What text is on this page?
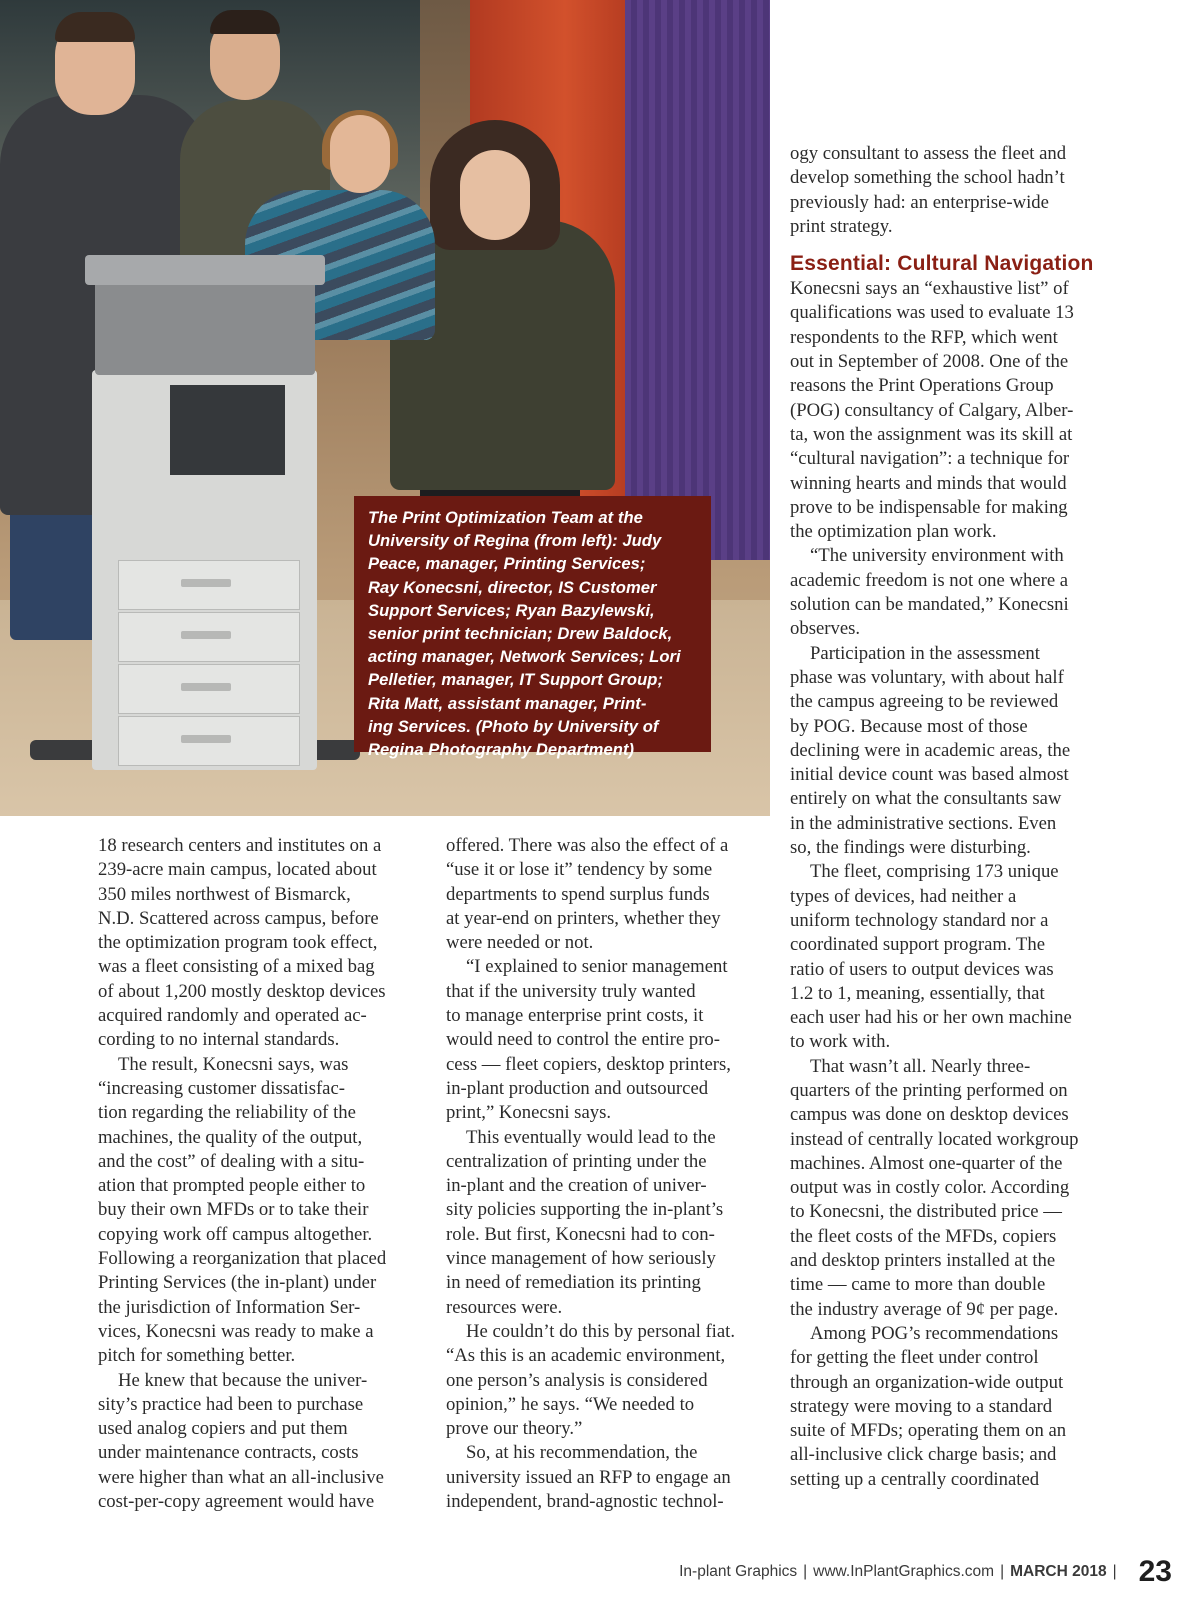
The Print Optimization Team at the

University of Regina (from left): Judy

Peace, manager, Printing Services;

Ray Konecsni, director, IS Customer

Support Services; Ryan Bazylewski,

senior print technician; Drew Baldock,

acting manager, Network Services; Lori

Pelletier, manager, IT Support Group;

Rita Matt, assistant manager, Print-

ing Services. (Photo by University of

Regina Photography Department)

18 research centers and institutes on a

239-acre main campus, located about

350 miles northwest of Bismarck,

N.D. Scattered across campus, before

the optimization program took effect,

was a fleet consisting of a mixed bag

of about 1,200 mostly desktop devices

acquired randomly and operated ac-

cording to no internal standards.

The result, Konecsni says, was

“increasing customer dissatisfac-

tion regarding the reliability of the

machines, the quality of the output,

and the cost” of dealing with a situ-

ation that prompted people either to

buy their own MFDs or to take their

copying work off campus altogether.

Following a reorganization that placed

Printing Services (the in-plant) under

the jurisdiction of Information Ser-

vices, Konecsni was ready to make a

pitch for something better.

He knew that because the univer-

sity’s practice had been to purchase

used analog copiers and put them

under maintenance contracts, costs

were higher than what an all-inclusive

cost-per-copy agreement would have

offered. There was also the effect of a

“use it or lose it” tendency by some

departments to spend surplus funds

at year-end on printers, whether they

were needed or not.

“I explained to senior management

that if the university truly wanted

to manage enterprise print costs, it

would need to control the entire pro-

cess — fleet copiers, desktop printers,

in-plant production and outsourced

print,” Konecsni says.

This eventually would lead to the

centralization of printing under the

in-plant and the creation of univer-

sity policies supporting the in-plant’s

role. But first, Konecsni had to con-

vince management of how seriously

in need of remediation its printing

resources were.

He couldn’t do this by personal fiat.

“As this is an academic environment,

one person’s analysis is considered

opinion,” he says. “We needed to

prove our theory.”

So, at his recommendation, the

university issued an RFP to engage an

independent, brand-agnostic technol-

ogy consultant to assess the fleet and

develop something the school hadn’t

previously had: an enterprise-wide

print strategy.

Essential: Cultural Navigation

Konecsni says an “exhaustive list” of

qualifications was used to evaluate 13

respondents to the RFP, which went

out in September of 2008. One of the

reasons the Print Operations Group

(POG) consultancy of Calgary, Alber-

ta, won the assignment was its skill at

“cultural navigation”: a technique for

winning hearts and minds that would

prove to be indispensable for making

the optimization plan work.

“The university environment with

academic freedom is not one where a

solution can be mandated,” Konecsni

observes.

Participation in the assessment

phase was voluntary, with about half

the campus agreeing to be reviewed

by POG. Because most of those

declining were in academic areas, the

initial device count was based almost

entirely on what the consultants saw

in the administrative sections. Even

so, the findings were disturbing.

The fleet, comprising 173 unique

types of devices, had neither a

uniform technology standard nor a

coordinated support program. The

ratio of users to output devices was

1.2 to 1, meaning, essentially, that

each user had his or her own machine

to work with.

That wasn’t all. Nearly three-

quarters of the printing performed on

campus was done on desktop devices

instead of centrally located workgroup

machines. Almost one-quarter of the

output was in costly color. According

to Konecsni, the distributed price —

the fleet costs of the MFDs, copiers

and desktop printers installed at the

time — came to more than double

the industry average of 9¢ per page.

Among POG’s recommendations

for getting the fleet under control

through an organization-wide output

strategy were moving to a standard

suite of MFDs; operating them on an

all-inclusive click charge basis; and

setting up a centrally coordinated

In-plant Graphics | www.InPlantGraphics.com | MARCH 2018 | 23
